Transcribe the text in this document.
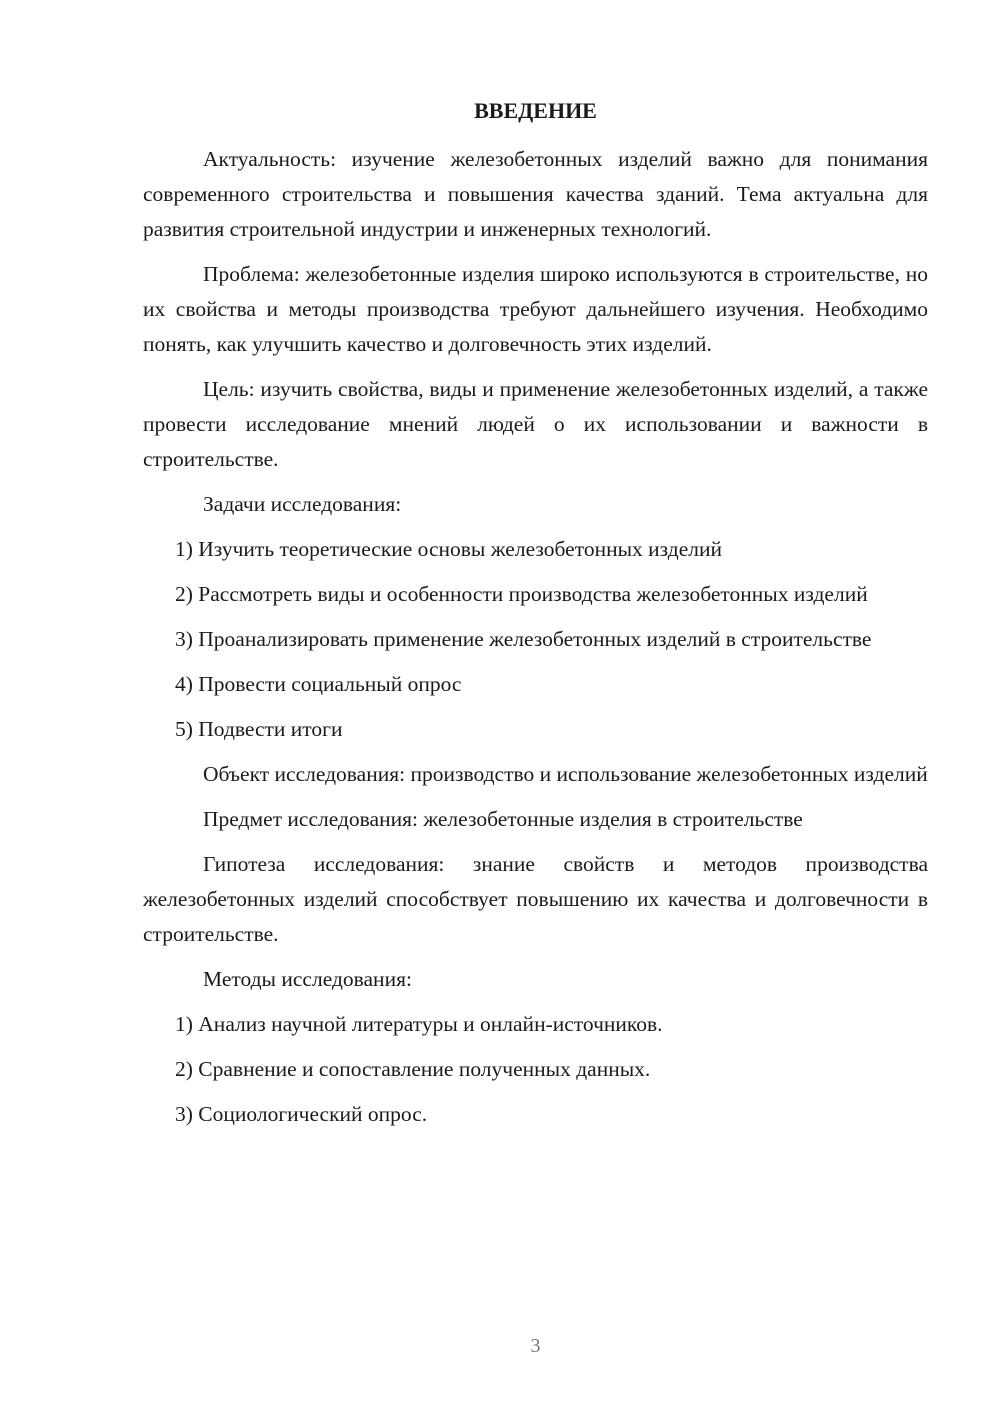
ВВЕДЕНИЕ

Актуальность: изучение железобетонных изделий важно для понимания современного строительства и повышения качества зданий. Тема актуальна для развития строительной индустрии и инженерных технологий.

Проблема: железобетонные изделия широко используются в строительстве, но их свойства и методы производства требуют дальнейшего изучения. Необходимо понять, как улучшить качество и долговечность этих изделий.

Цель: изучить свойства, виды и применение железобетонных изделий, а также провести исследование мнений людей о их использовании и важности в строительстве.

Задачи исследования:

1) Изучить теоретические основы железобетонных изделий

2) Рассмотреть виды и особенности производства железобетонных изделий

3) Проанализировать применение железобетонных изделий в строительстве

4) Провести социальный опрос

5) Подвести итоги

Объект исследования: производство и использование железобетонных изделий

Предмет исследования: железобетонные изделия в строительстве

Гипотеза исследования: знание свойств и методов производства железобетонных изделий способствует повышению их качества и долговечности в строительстве.

Методы исследования:

1) Анализ научной литературы и онлайн-источников.

2) Сравнение и сопоставление полученных данных.

3) Социологический опрос.

3
